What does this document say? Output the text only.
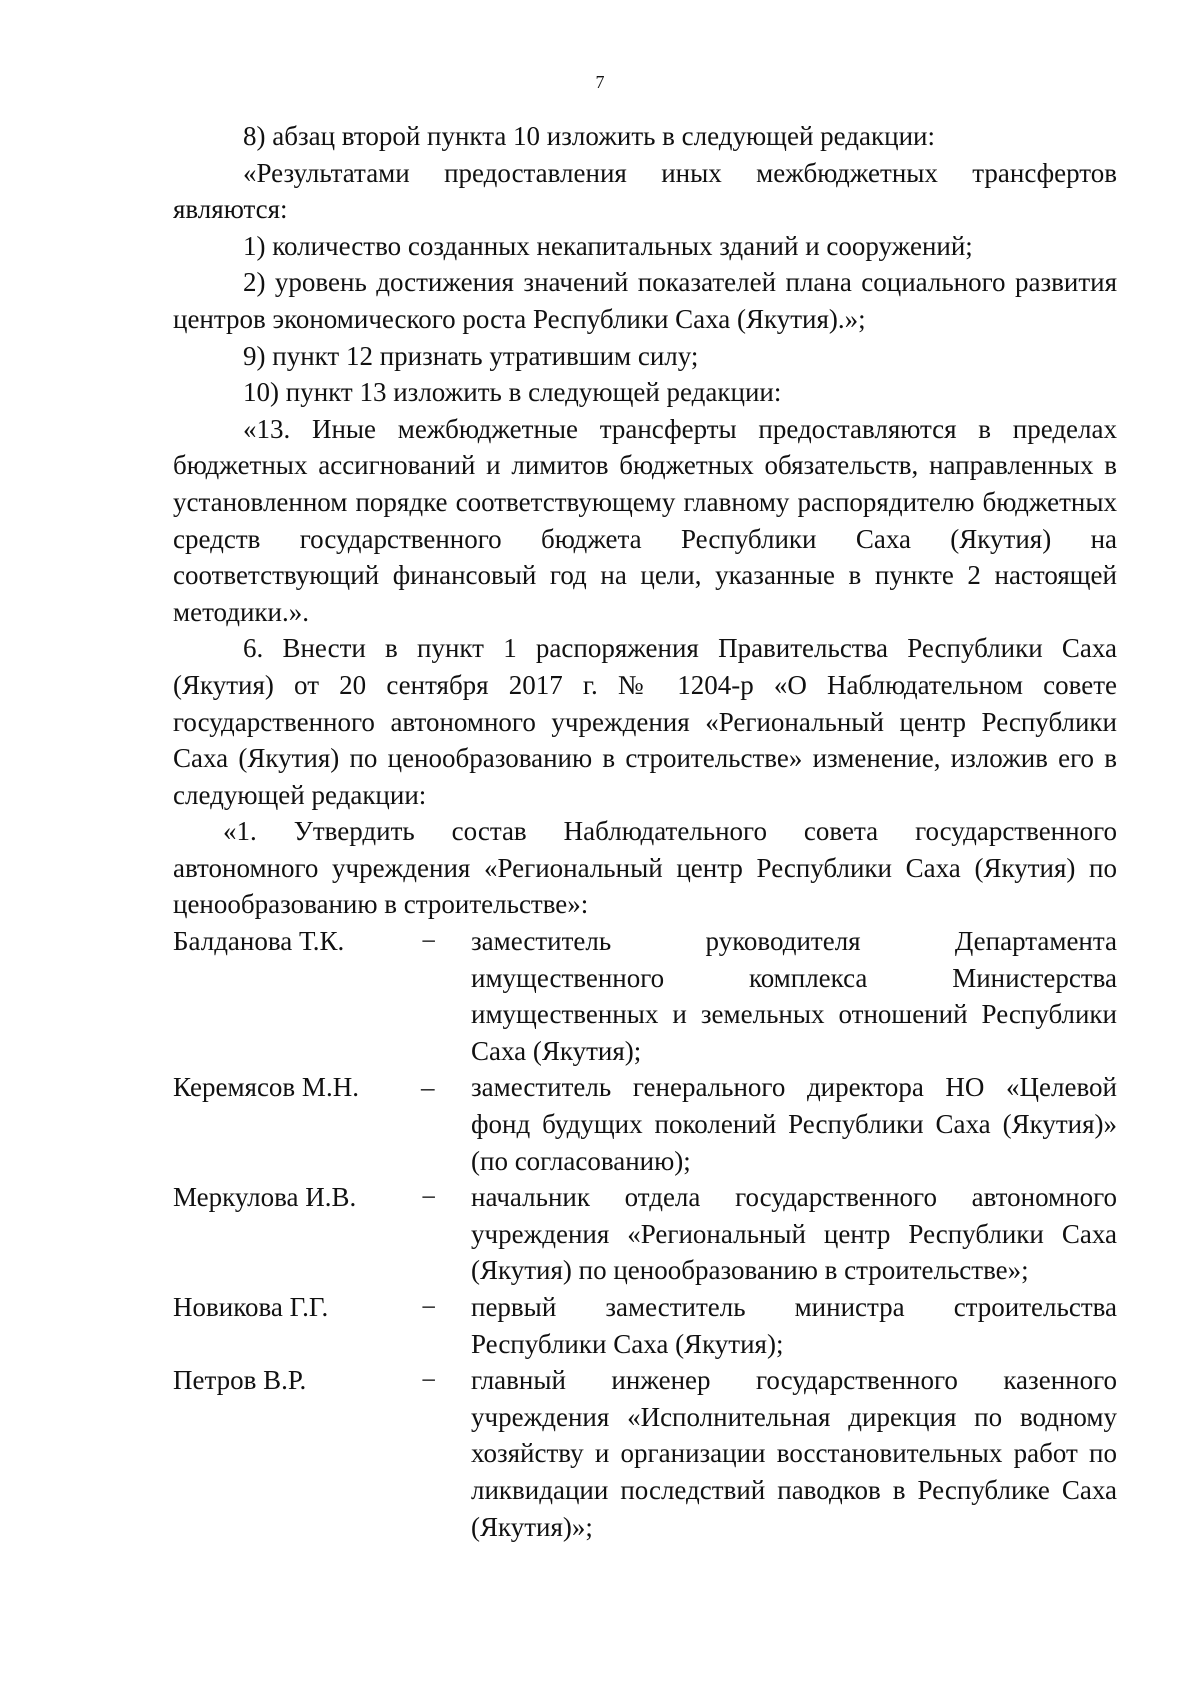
7

8) абзац второй пункта 10 изложить в следующей редакции:

«Результатами предоставления иных межбюджетных трансфертов являются:

1) количество созданных некапитальных зданий и сооружений;

2) уровень достижения значений показателей плана социального развития центров экономического роста Республики Саха (Якутия).»;

9) пункт 12 признать утратившим силу;

10) пункт 13 изложить в следующей редакции:

«13. Иные межбюджетные трансферты предоставляются в пределах бюджетных ассигнований и лимитов бюджетных обязательств, направленных в установленном порядке соответствующему главному распорядителю бюджетных средств государственного бюджета Республики Саха (Якутия) на соответствующий финансовый год на цели, указанные в пункте 2 настоящей методики.».

6. Внести в пункт 1 распоряжения Правительства Республики Саха (Якутия) от 20 сентября 2017 г. № 1204-р «О Наблюдательном совете государственного автономного учреждения «Региональный центр Республики Саха (Якутия) по ценообразованию в строительстве» изменение, изложив его в следующей редакции:

«1. Утвердить состав Наблюдательного совета государственного автономного учреждения «Региональный центр Республики Саха (Якутия) по ценообразованию в строительстве»:

Балданова Т.К.	−	заместитель руководителя Департамента имущественного комплекса Министерства имущественных и земельных отношений Республики Саха (Якутия);
Керемясов М.Н.	–	заместитель генерального директора НО «Целевой фонд будущих поколений Республики Саха (Якутия)» (по согласованию);
Меркулова И.В.	−	начальник отдела государственного автономного учреждения «Региональный центр Республики Саха (Якутия) по ценообразованию в строительстве»;
Новикова Г.Г.	−	первый заместитель министра строительства Республики Саха (Якутия);
Петров В.Р.	−	главный инженер государственного казенного учреждения «Исполнительная дирекция по водному хозяйству и организации восстановительных работ по ликвидации последствий паводков в Республике Саха (Якутия)»;
